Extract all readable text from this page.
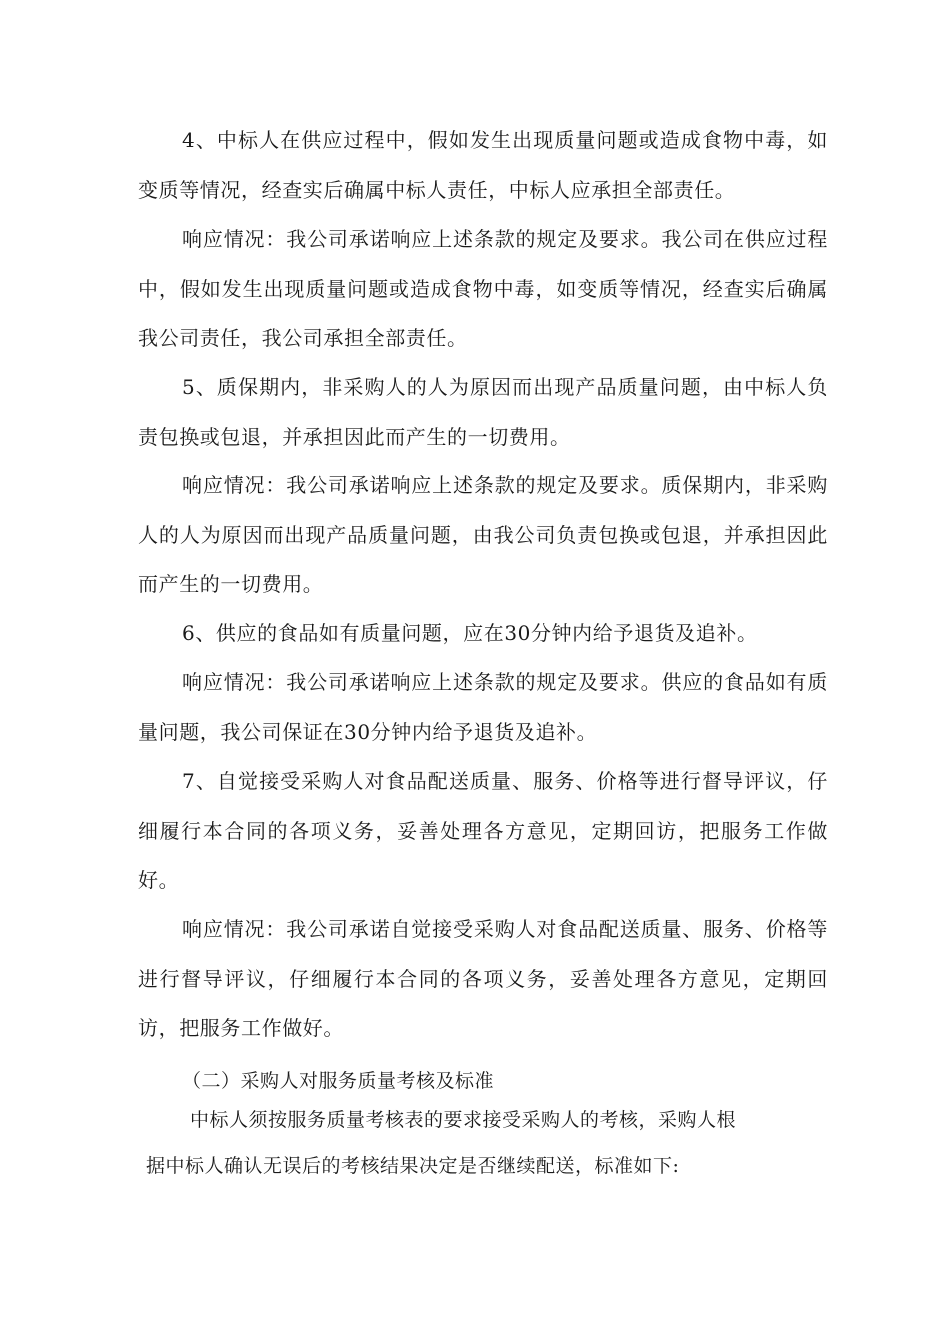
4、中标人在供应过程中，假如发生出现质量问题或造成食物中毒，如变质等情况，经查实后确属中标人责任，中标人应承担全部责任。

响应情况：我公司承诺响应上述条款的规定及要求。我公司在供应过程中，假如发生出现质量问题或造成食物中毒，如变质等情况，经查实后确属我公司责任，我公司承担全部责任。

5、质保期内，非采购人的人为原因而出现产品质量问题，由中标人负责包换或包退，并承担因此而产生的一切费用。

响应情况：我公司承诺响应上述条款的规定及要求。质保期内，非采购人的人为原因而出现产品质量问题，由我公司负责包换或包退，并承担因此而产生的一切费用。

6、供应的食品如有质量问题，应在30分钟内给予退货及追补。

响应情况：我公司承诺响应上述条款的规定及要求。供应的食品如有质量问题，我公司保证在30分钟内给予退货及追补。

7、自觉接受采购人对食品配送质量、服务、价格等进行督导评议，仔细履行本合同的各项义务，妥善处理各方意见，定期回访，把服务工作做好。

响应情况：我公司承诺自觉接受采购人对食品配送质量、服务、价格等进行督导评议，仔细履行本合同的各项义务，妥善处理各方意见，定期回访，把服务工作做好。

（二）采购人对服务质量考核及标准

中标人须按服务质量考核表的要求接受采购人的考核，采购人根
据中标人确认无误后的考核结果决定是否继续配送，标准如下:
